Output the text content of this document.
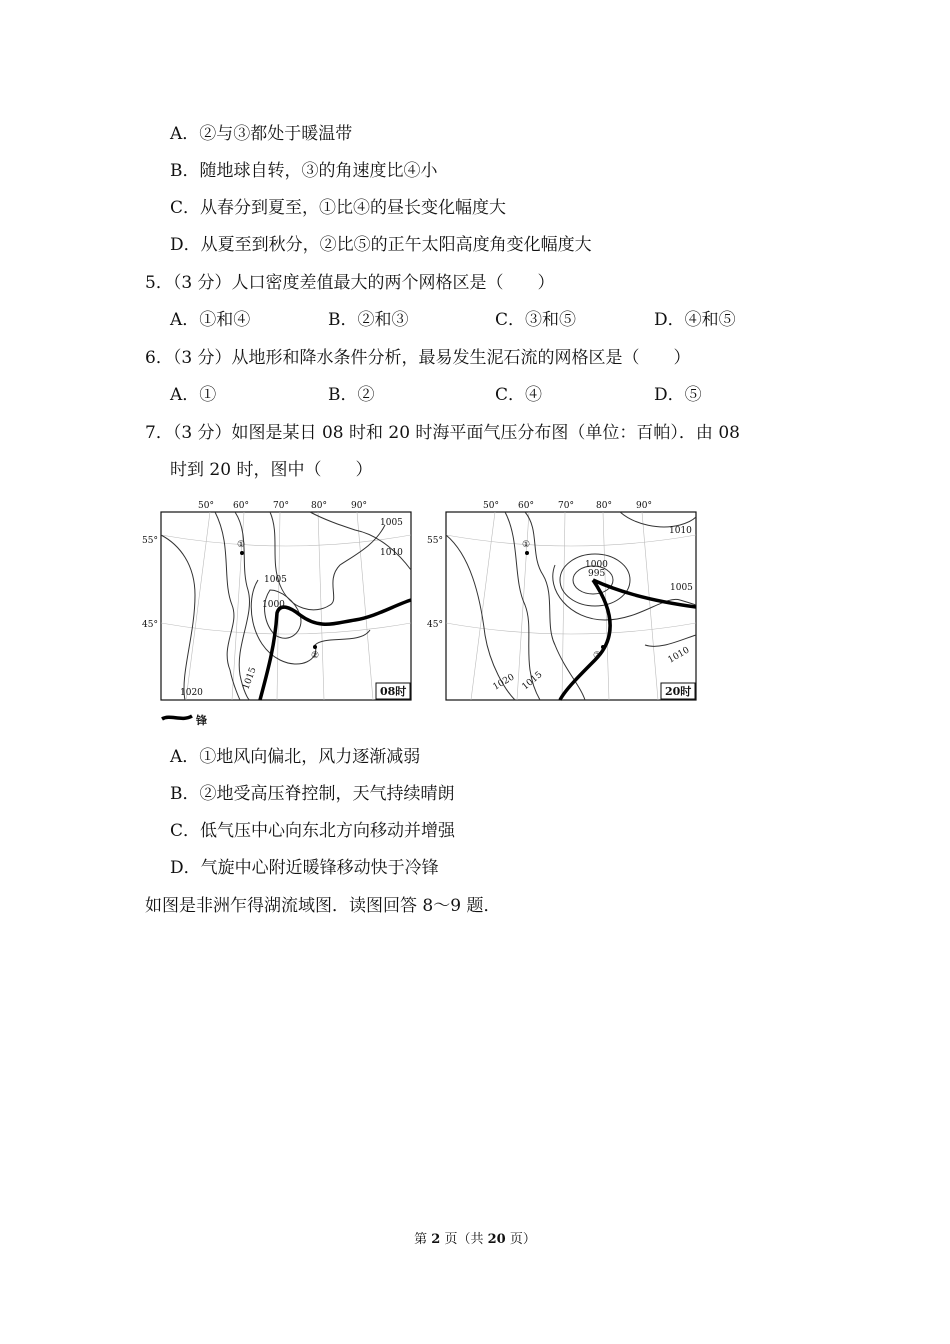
A．②与③都处于暖温带
B．随地球自转，③的角速度比④小
C．从春分到夏至，①比④的昼长变化幅度大
D．从夏至到秋分，②比⑤的正午太阳高度角变化幅度大
5．（3 分）人口密度差值最大的两个网格区是（　　）
A．①和④	B．②和③	C．③和⑤	D．④和⑤
6．（3 分）从地形和降水条件分析，最易发生泥石流的网格区是（　　）
A．①	B．②	C．④	D．⑤
7．（3 分）如图是某日 08 时和 20 时海平面气压分布图（单位：百帕）．由 08
时到 20 时，图中（　　）
50° 60°	70° 80°	90°
55°
45°
①
②
1005
1010
1005
1000
1015
1020	08时
50° 60°	70° 80°	90°
55°
45°
①
②
1010
1000
995
1005
1010
1015
1020	20时
锋
A．①地风向偏北，风力逐渐减弱
B．②地受高压脊控制，天气持续晴朗
C．低气压中心向东北方向移动并增强
D．气旋中心附近暖锋移动快于冷锋
如图是非洲乍得湖流域图．读图回答 8～9 题．
第 2 页（共 20 页）
